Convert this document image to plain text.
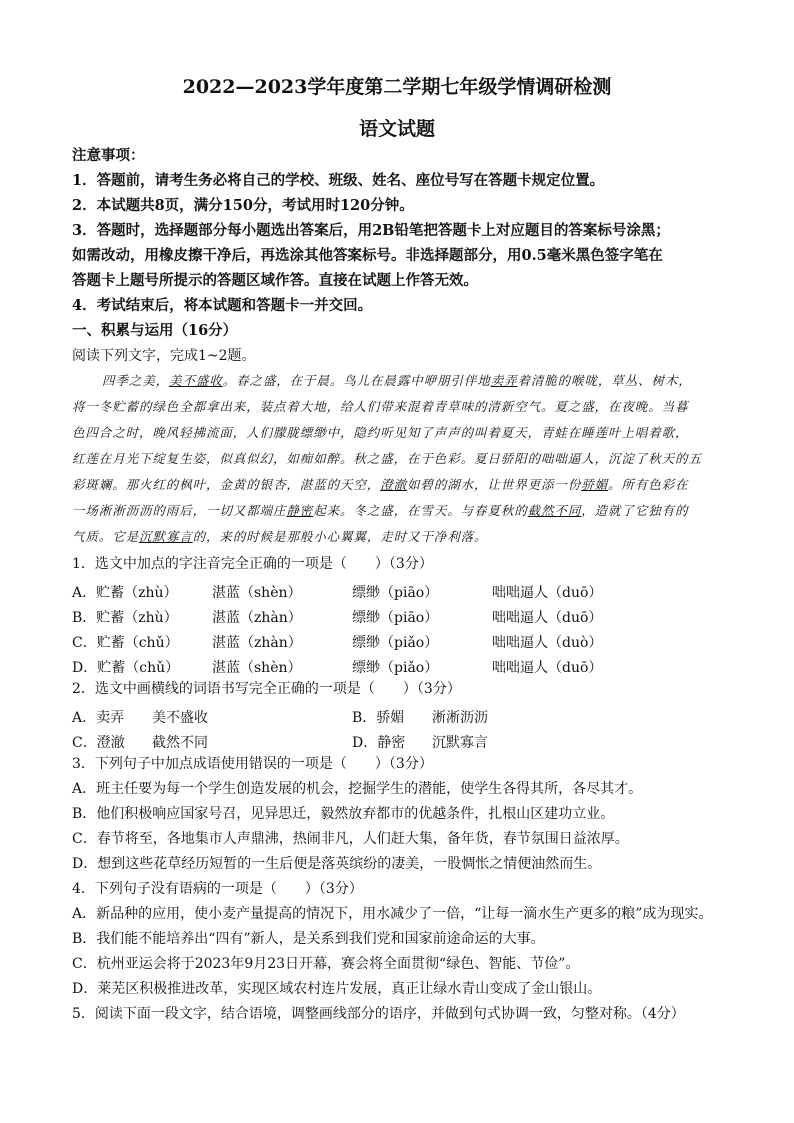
2022—2023学年度第二学期七年级学情调研检测
语文试题
注意事项：
1．答题前，请考生务必将自己的学校、班级、姓名、座位号写在答题卡规定位置。
2．本试题共8页，满分150分，考试用时120分钟。
3．答题时，选择题部分每小题选出答案后，用2B铅笔把答题卡上对应题目的答案标号涂黑；
如需改动，用橡皮擦干净后，再选涂其他答案标号。非选择题部分，用0.5毫米黑色签字笔在
答题卡上题号所提示的答题区域作答。直接在试题上作答无效。
4．考试结束后，将本试题和答题卡一并交回。
一、积累与运用（16分）
阅读下列文字，完成1~2题。
四季之美，美不盛收。春之盛，在于晨。鸟儿在晨露中咿朋引伴地卖弄着清脆的喉咙，草丛、树木，
将一冬贮蓄的绿色全都拿出来，装点着大地，给人们带来混着青草味的清新空气。夏之盛，在夜晚。当暮
色四合之时，晚风轻拂流面，人们朦胧缥缈中，隐约听见知了声声的叫着夏天，青蛙在睡莲叶上唱着歌，
红莲在月光下绽复生姿，似真似幻，如痴如醉。秋之盛，在于色彩。夏日骄阳的咄咄逼人，沉淀了秋天的五
彩斑斓。那火红的枫叶，金黄的银杏，湛蓝的天空，澄澈如碧的湖水，让世界更添一份骄媚。所有色彩在
一场淅淅沥沥的雨后，一切又都端庄静密起来。冬之盛，在雪天。与春夏秋的截然不同，造就了它独有的
气质。它是沉默寡言的，来的时候是那般小心翼翼，走时又干净利落。
1．选文中加点的字注音完全正确的一项是（　　）（3分）
A．贮蓄（zhù） 湛蓝（shèn）	缥缈（piāo）	咄咄逼人（duō）
B．贮蓄（zhù） 湛蓝（zhàn）	缥缈（piāo）	咄咄逼人（duō）
C．贮蓄（chǔ） 湛蓝（zhàn）	缥缈（piǎo）	咄咄逼人（duò）
D．贮蓄（chǔ） 湛蓝（shèn）	缥缈（piǎo）	咄咄逼人（duō）
2．选文中画横线的词语书写完全正确的一项是（　　）（3分）
A．卖弄 美不盛收	B．骄媚 淅淅沥沥
C．澄澈 截然不同	D．静密 沉默寡言
3．下列句子中加点成语使用错误的一项是（　　）（3分）
A．班主任要为每一个学生创造发展的机会，挖掘学生的潜能，使学生各得其所，各尽其才。
B．他们积极响应国家号召，见异思迁，毅然放弃都市的优越条件，扎根山区建功立业。
C．春节将至，各地集市人声鼎沸，热闹非凡，人们赶大集，备年货，春节氛围日益浓厚。
D．想到这些花草经历短暂的一生后便是落英缤纷的凄美，一股惆怅之情便油然而生。
4．下列句子没有语病的一项是（　　）（3分）
A．新品种的应用，使小麦产量提高的情况下，用水减少了一倍，“让每一滴水生产更多的粮”成为现实。
B．我们能不能培养出“四有”新人，是关系到我们党和国家前途命运的大事。
C．杭州亚运会将于2023年9月23日开幕，赛会将全面贯彻“绿色、智能、节俭”。
D．莱芜区积极推进改革，实现区域农村连片发展，真正让绿水青山变成了金山银山。
5．阅读下面一段文字，结合语境，调整画线部分的语序，并做到句式协调一致，匀整对称。（4分）
